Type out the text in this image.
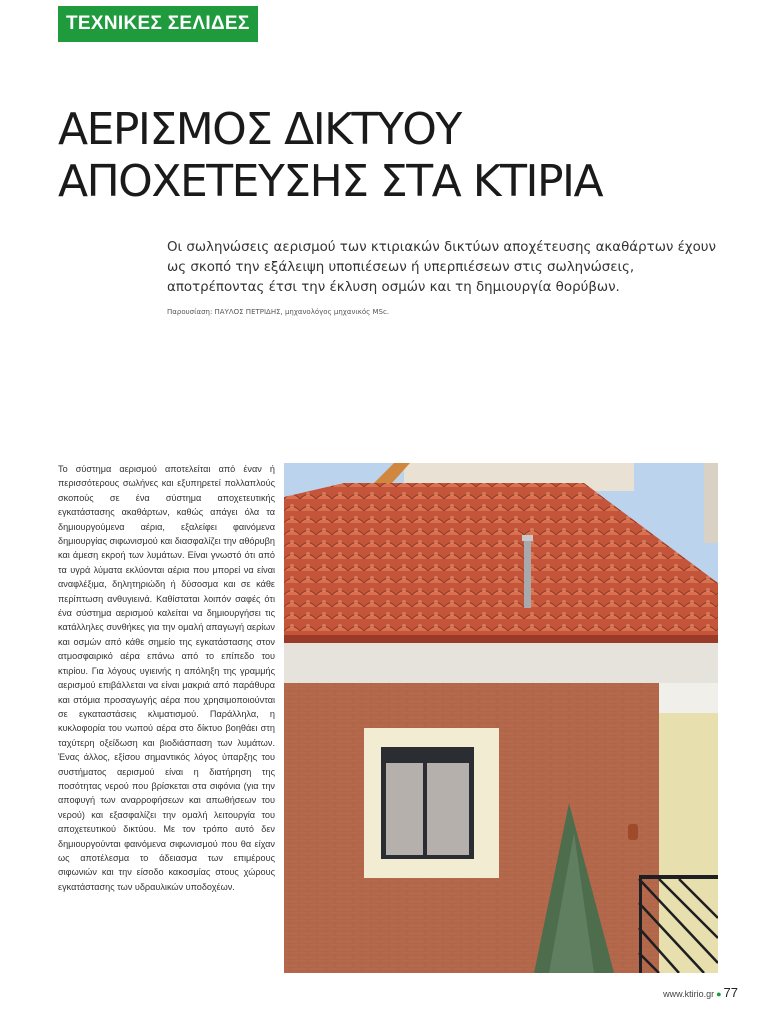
ΤΕΧΝΙΚΕΣ ΣΕΛΙΔΕΣ
ΑΕΡΙΣΜΟΣ ΔΙΚΤΥΟΥ
ΑΠΟΧΕΤΕΥΣΗΣ ΣΤΑ ΚΤΙΡΙΑ

Οι σωληνώσεις αερισμού των κτιριακών δικτύων αποχέτευσης ακαθάρτων έχουν ως σκοπό την εξάλειψη υποπιέσεων ή υπερπιέσεων στις σωληνώσεις, αποτρέποντας έτσι την έκλυση οσμών και τη δημιουργία θορύβων.

Παρουσίαση: ΠΑΥΛΟΣ ΠΕΤΡΙΔΗΣ, μηχανολόγος μηχανικός MSc.

Το σύστημα αερισμού αποτελείται από έναν ή περισσότερους σωλήνες και εξυπηρετεί πολλαπλούς σκοπούς σε ένα σύστημα αποχετευτικής εγκατάστασης ακαθάρτων, καθώς απάγει όλα τα δημιουργούμενα αέρια, εξαλείφει φαινόμενα δημιουργίας σιφωνισμού και διασφαλίζει την αθόρυβη και άμεση εκροή των λυμάτων. Είναι γνωστό ότι από τα υγρά λύματα εκλύονται αέρια που μπορεί να είναι αναφλέξιμα, δηλητηριώδη ή δύσοσμα και σε κάθε περίπτωση ανθυγιεινά. Καθίσταται λοιπόν σαφές ότι ένα σύστημα αερισμού καλείται να δημιουργήσει τις κατάλληλες συνθήκες για την ομαλή απαγωγή αερίων και οσμών από κάθε σημείο της εγκατάστασης στον ατμοσφαιρικό αέρα επάνω από το επίπεδο του κτιρίου. Για λόγους υγιεινής η απόληξη της γραμμής αερισμού επιβάλλεται να είναι μακριά από παράθυρα και στόμια προσαγωγής αέρα που χρησιμοποιούνται σε εγκαταστάσεις κλιματισμού. Παράλληλα, η κυκλοφορία του νωπού αέρα στο δίκτυο βοηθάει στη ταχύτερη οξείδωση και βιοδιάσπαση των λυμάτων. Ένας άλλος, εξίσου σημαντικός λόγος ύπαρξης του συστήματος αερισμού είναι η διατήρηση της ποσότητας νερού που βρίσκεται στα σιφόνια (για την αποφυγή των αναρροφήσεων και απωθήσεων του νερού) και εξασφαλίζει την ομαλή λειτουργία του αποχετευτικού δικτύου. Με τον τρόπο αυτό δεν δημιουργούνται φαινόμενα σιφωνισμού που θα είχαν ως αποτέλεσμα το άδειασμα των επιμέρους σιφωνιών και την είσοδο κακοσμίας στους χώρους εγκατάστασης των υδραυλικών υποδοχέων.

www.ktirio.gr ● 77
